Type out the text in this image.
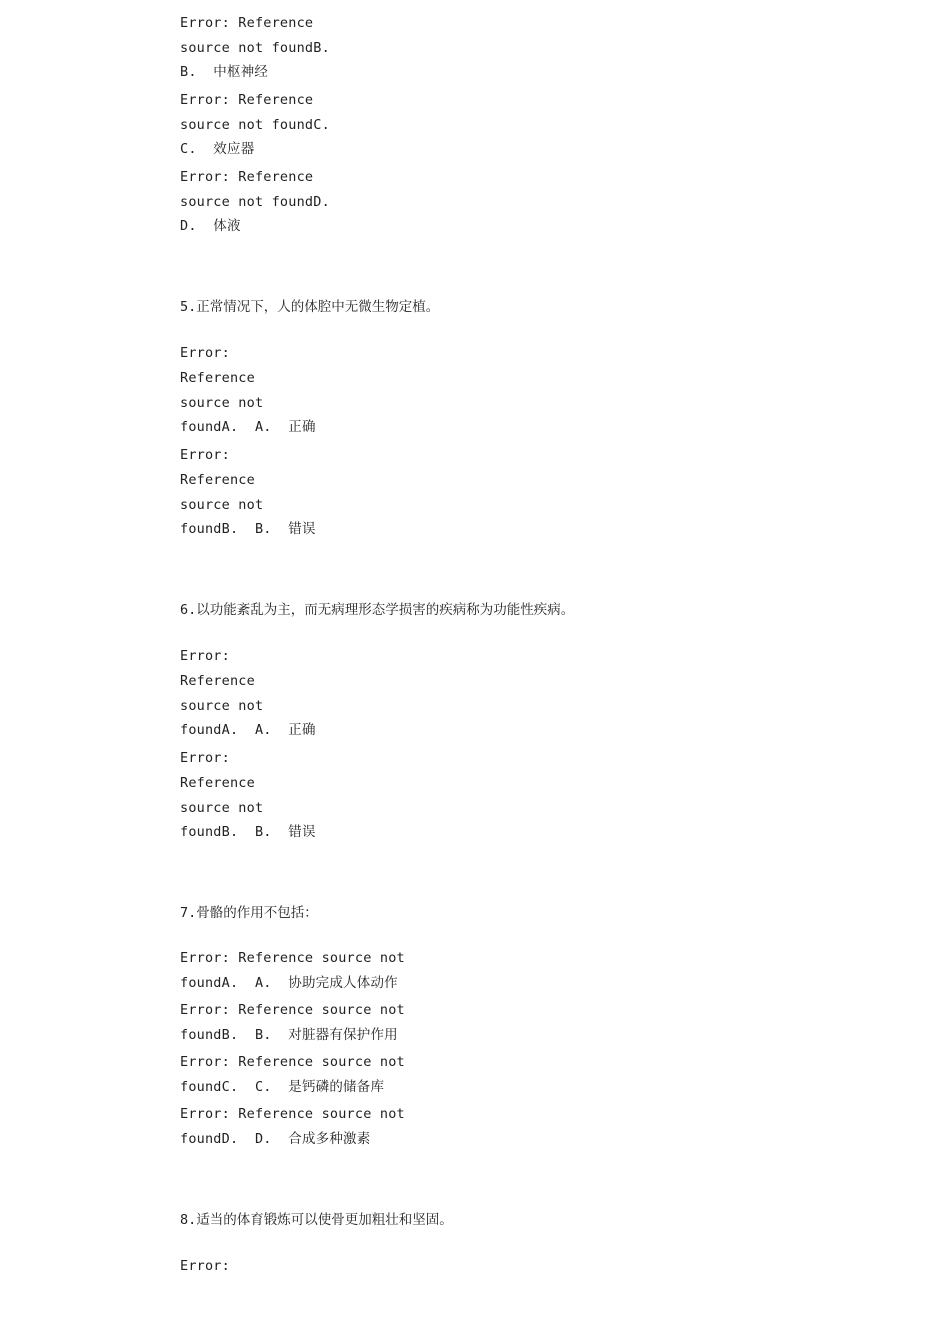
Error: Reference
source not foundB.
B.  中枢神经
Error: Reference
source not foundC.
C.  效应器
Error: Reference
source not foundD.
D.  体液
5.正常情况下，人的体腔中无微生物定植。
Error:
Reference
source not
foundA.  A.  正确
Error:
Reference
source not
foundB.  B.  错误
6.以功能紊乱为主，而无病理形态学损害的疾病称为功能性疾病。
Error:
Reference
source not
foundA.  A.  正确
Error:
Reference
source not
foundB.  B.  错误
7.骨骼的作用不包括：
Error: Reference source not
foundA.  A.  协助完成人体动作
Error: Reference source not
foundB.  B.  对脏器有保护作用
Error: Reference source not
foundC.  C.  是钙磷的储备库
Error: Reference source not
foundD.  D.  合成多种激素
8.适当的体育锻炼可以使骨更加粗壮和坚固。
Error:
